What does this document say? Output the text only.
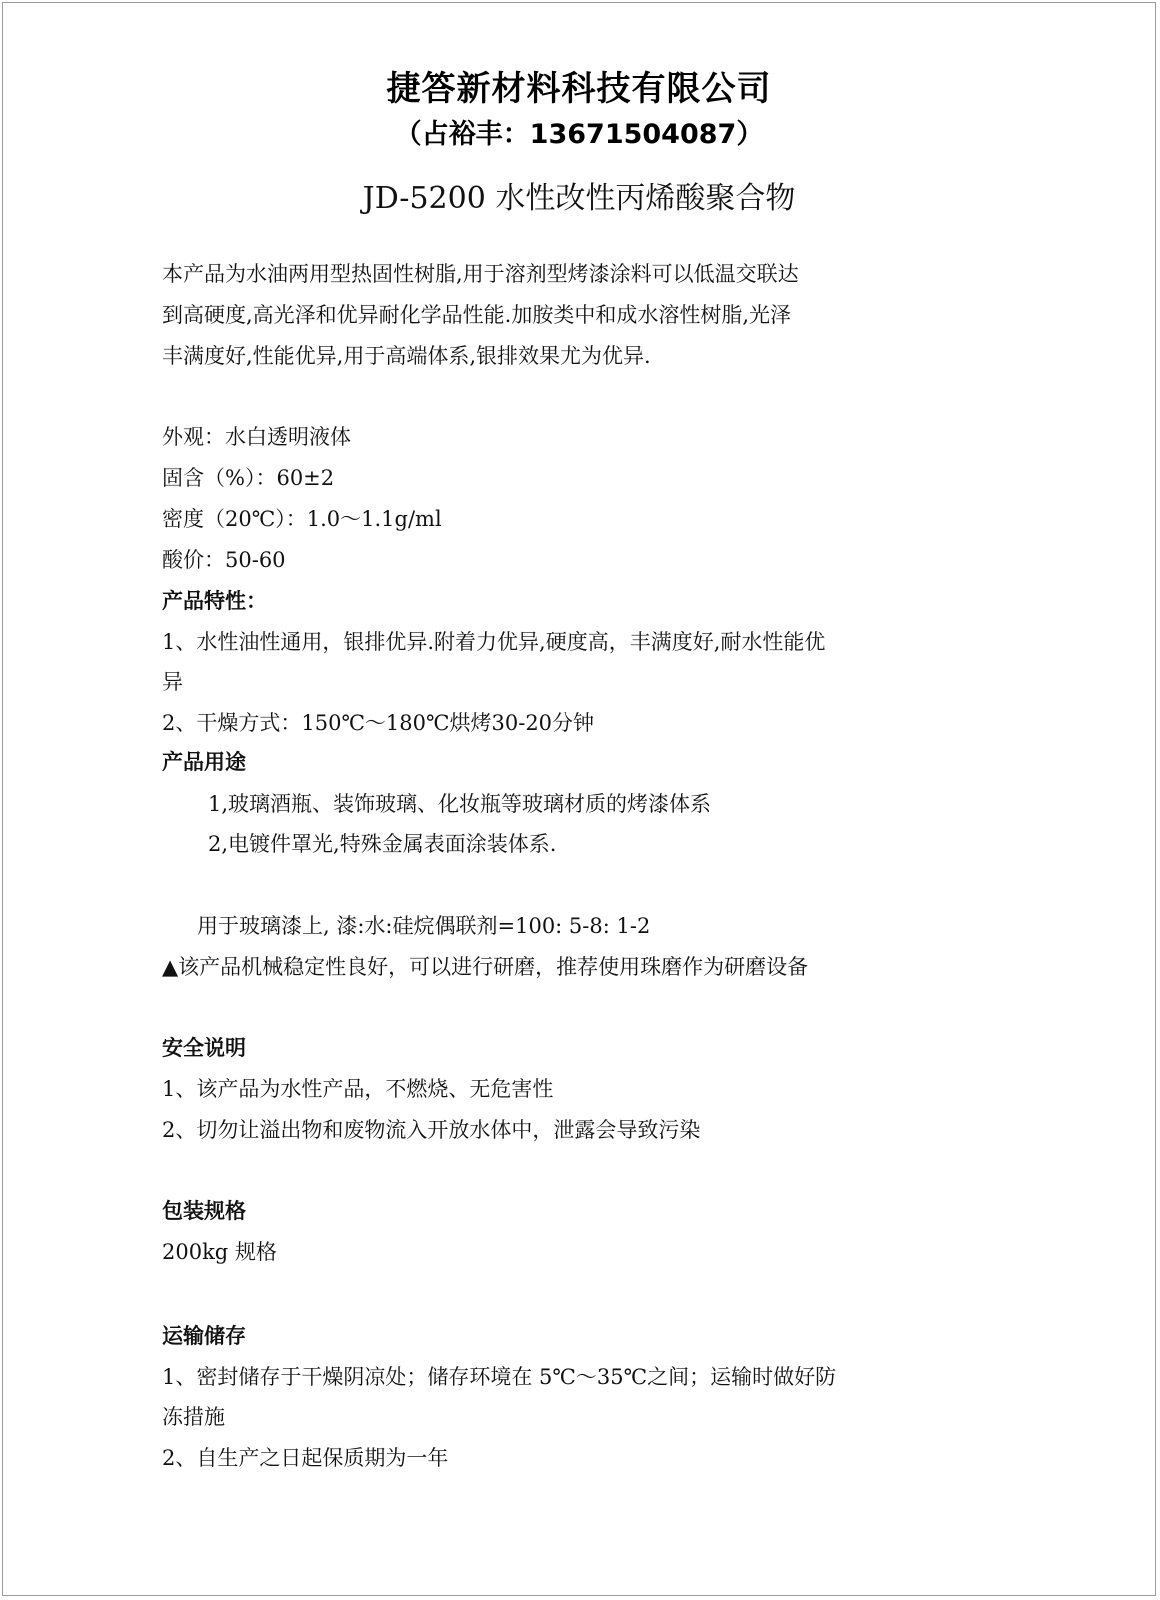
捷答新材料科技有限公司
（占裕丰：13671504087）
JD-5200 水性改性丙烯酸聚合物
本产品为水油两用型热固性树脂,用于溶剂型烤漆涂料可以低温交联达
到高硬度,高光泽和优异耐化学品性能.加胺类中和成水溶性树脂,光泽
丰满度好,性能优异,用于高端体系,银排效果尤为优异.
外观：水白透明液体
固含（%）：60±2
密度（20℃）：1.0～1.1g/ml
酸价：50-60
产品特性：
1、水性油性通用，银排优异.附着力优异,硬度高，丰满度好,耐水性能优
异
2、干燥方式：150℃～180℃烘烤30-20分钟
产品用途
1,玻璃酒瓶、装饰玻璃、化妆瓶等玻璃材质的烤漆体系
2,电镀件罩光,特殊金属表面涂装体系.
用于玻璃漆上, 漆:水:硅烷偶联剂=100: 5-8: 1-2
▲该产品机械稳定性良好，可以进行研磨，推荐使用珠磨作为研磨设备
安全说明
1、该产品为水性产品，不燃烧、无危害性
2、切勿让溢出物和废物流入开放水体中，泄露会导致污染
包装规格
200kg 规格
运输储存
1、密封储存于干燥阴凉处；储存环境在 5℃～35℃之间；运输时做好防
冻措施
2、自生产之日起保质期为一年
